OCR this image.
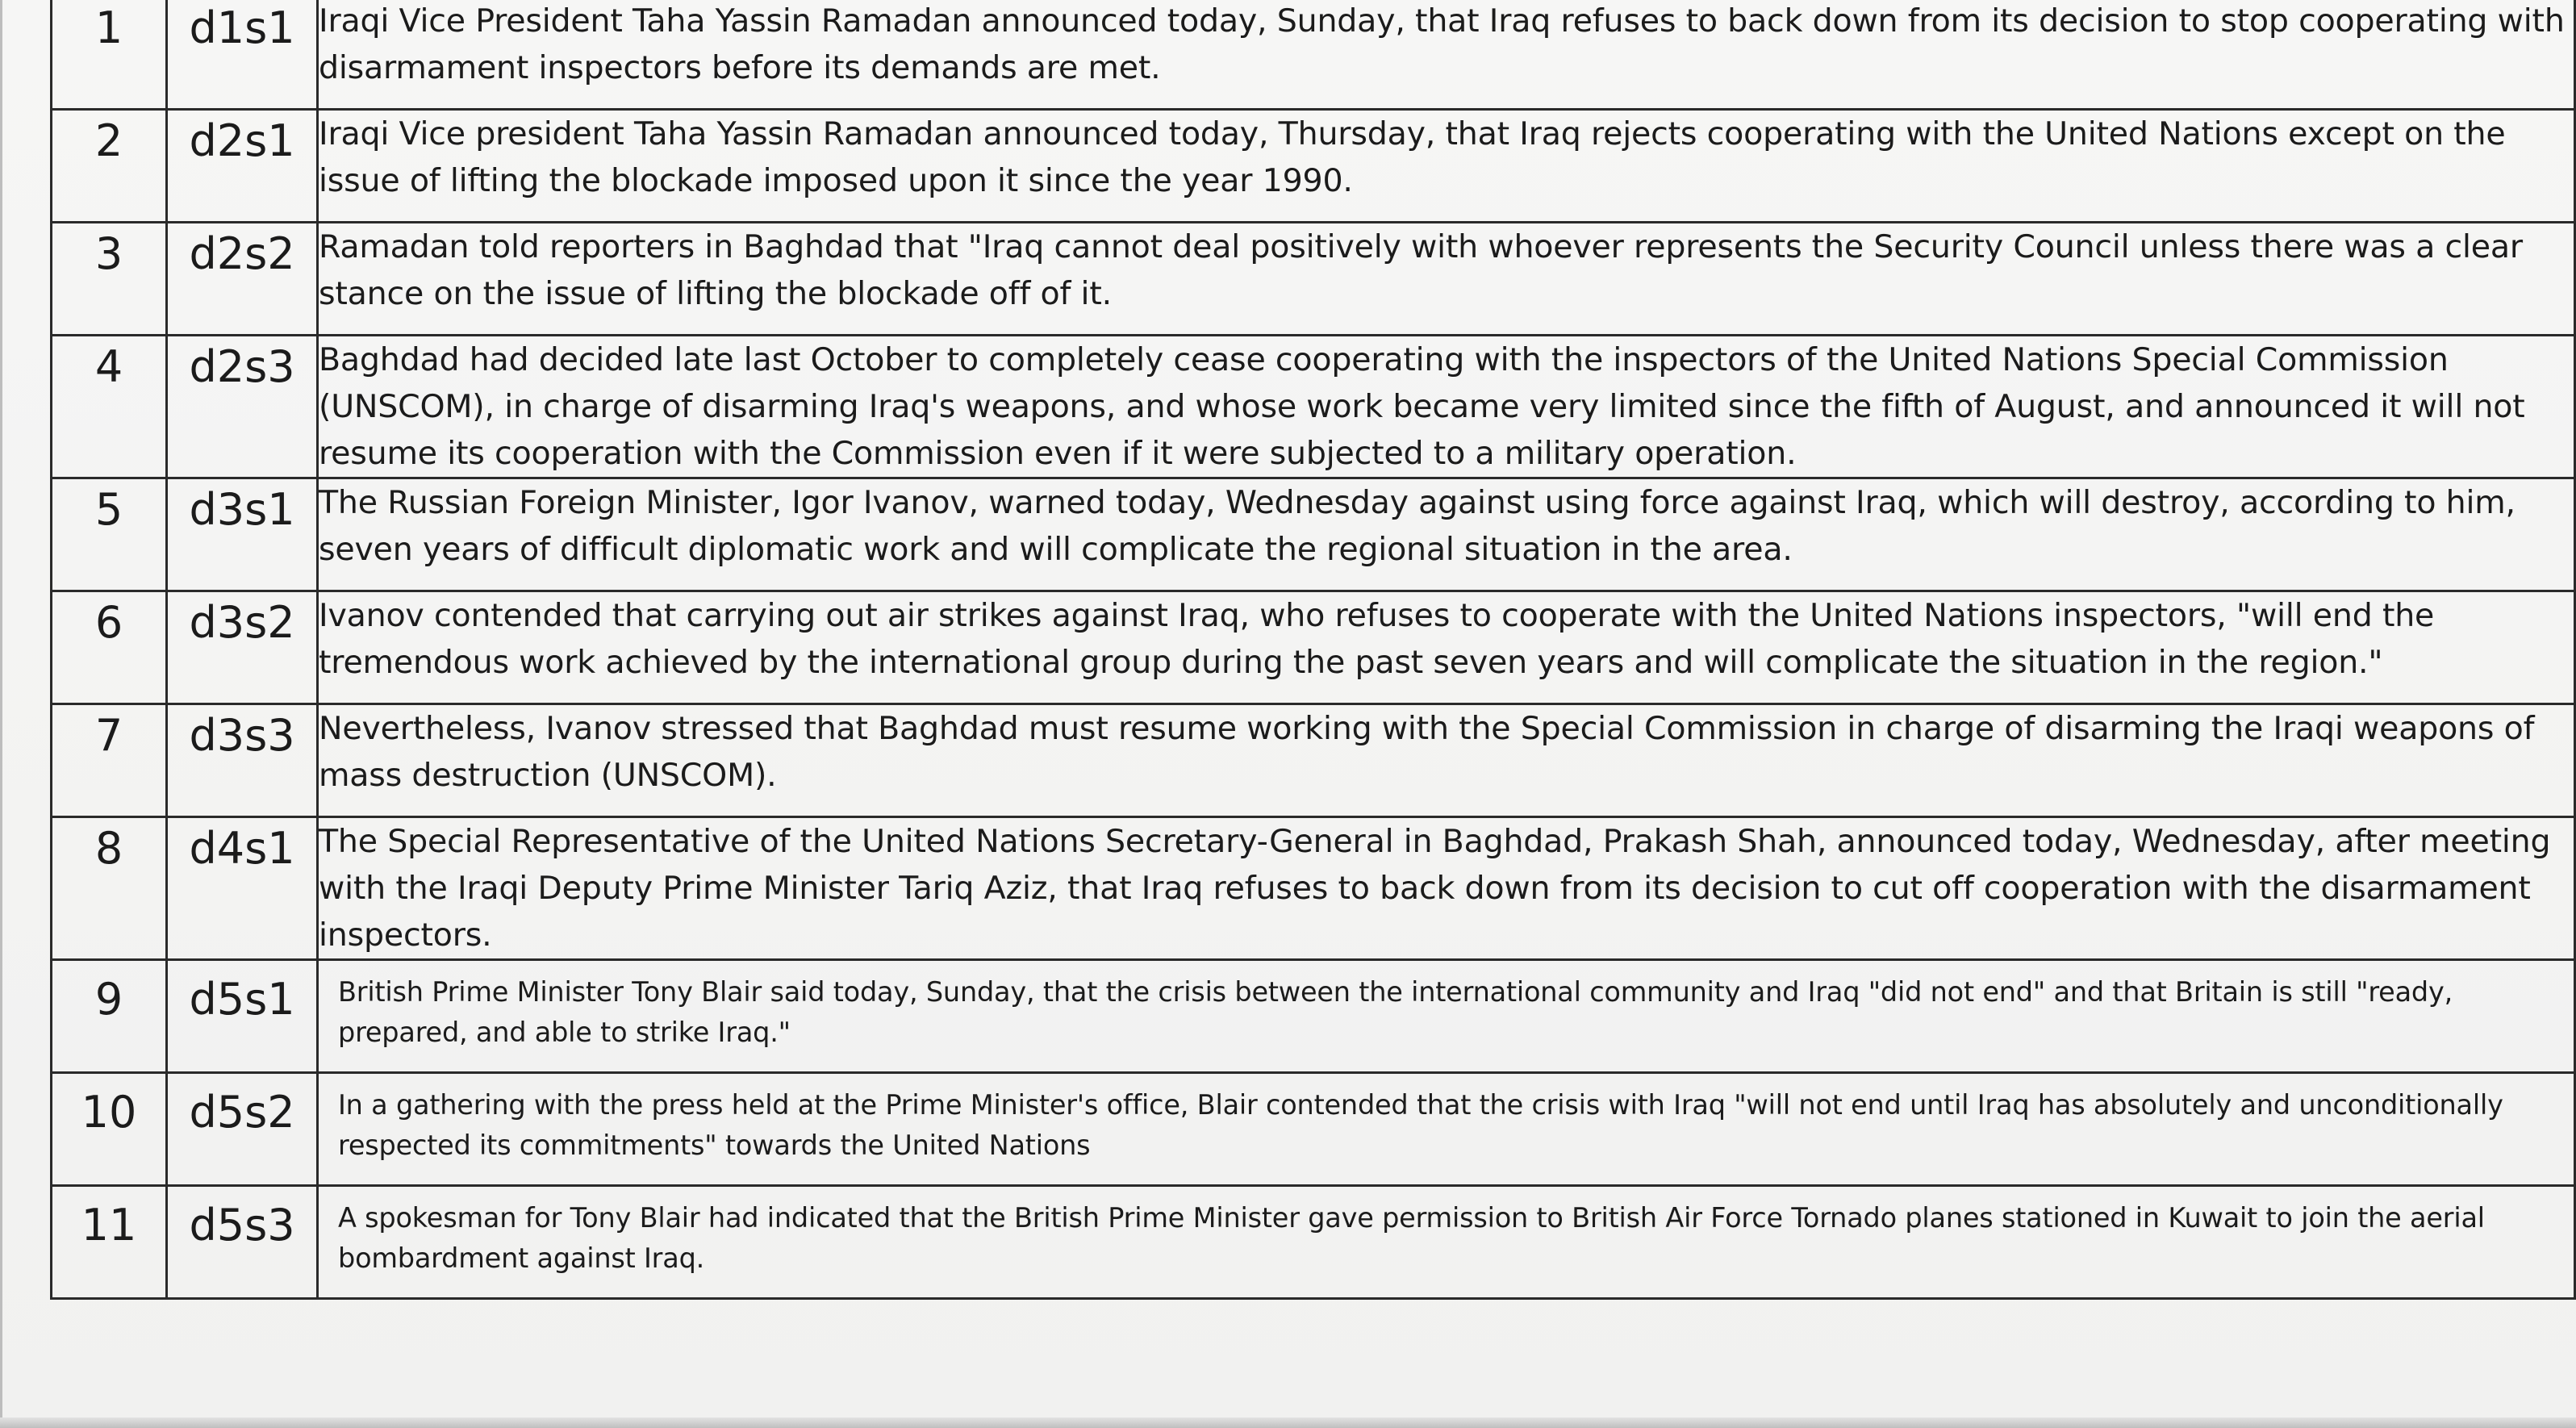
1	d1s1	Iraqi Vice President Taha Yassin Ramadan announced today, Sunday, that Iraq refuses to back down from its decision to stop cooperating with disarmament inspectors before its demands are met.
2	d2s1	Iraqi Vice president Taha Yassin Ramadan announced today, Thursday, that Iraq rejects cooperating with the United Nations except on the issue of lifting the blockade imposed upon it since the year 1990.
3	d2s2	Ramadan told reporters in Baghdad that "Iraq cannot deal positively with whoever represents the Security Council unless there was a clear stance on the issue of lifting the blockade off of it.
4	d2s3	Baghdad had decided late last October to completely cease cooperating with the inspectors of the United Nations Special Commission (UNSCOM), in charge of disarming Iraq's weapons, and whose work became very limited since the fifth of August, and announced it will not resume its cooperation with the Commission even if it were subjected to a military operation.
5	d3s1	The Russian Foreign Minister, Igor Ivanov, warned today, Wednesday against using force against Iraq, which will destroy, according to him, seven years of difficult diplomatic work and will complicate the regional situation in the area.
6	d3s2	Ivanov contended that carrying out air strikes against Iraq, who refuses to cooperate with the United Nations inspectors, "will end the tremendous work achieved by the international group during the past seven years and will complicate the situation in the region."
7	d3s3	Nevertheless, Ivanov stressed that Baghdad must resume working with the Special Commission in charge of disarming the Iraqi weapons of mass destruction (UNSCOM).
8	d4s1	The Special Representative of the United Nations Secretary-General in Baghdad, Prakash Shah, announced today, Wednesday, after meeting with the Iraqi Deputy Prime Minister Tariq Aziz, that Iraq refuses to back down from its decision to cut off cooperation with the disarmament inspectors.
9	d5s1	British Prime Minister Tony Blair said today, Sunday, that the crisis between the international community and Iraq "did not end" and that Britain is still "ready, prepared, and able to strike Iraq."
10	d5s2	In a gathering with the press held at the Prime Minister's office, Blair contended that the crisis with Iraq "will not end until Iraq has absolutely and unconditionally respected its commitments" towards the United Nations
11	d5s3	A spokesman for Tony Blair had indicated that the British Prime Minister gave permission to British Air Force Tornado planes stationed in Kuwait to join the aerial bombardment against Iraq.
